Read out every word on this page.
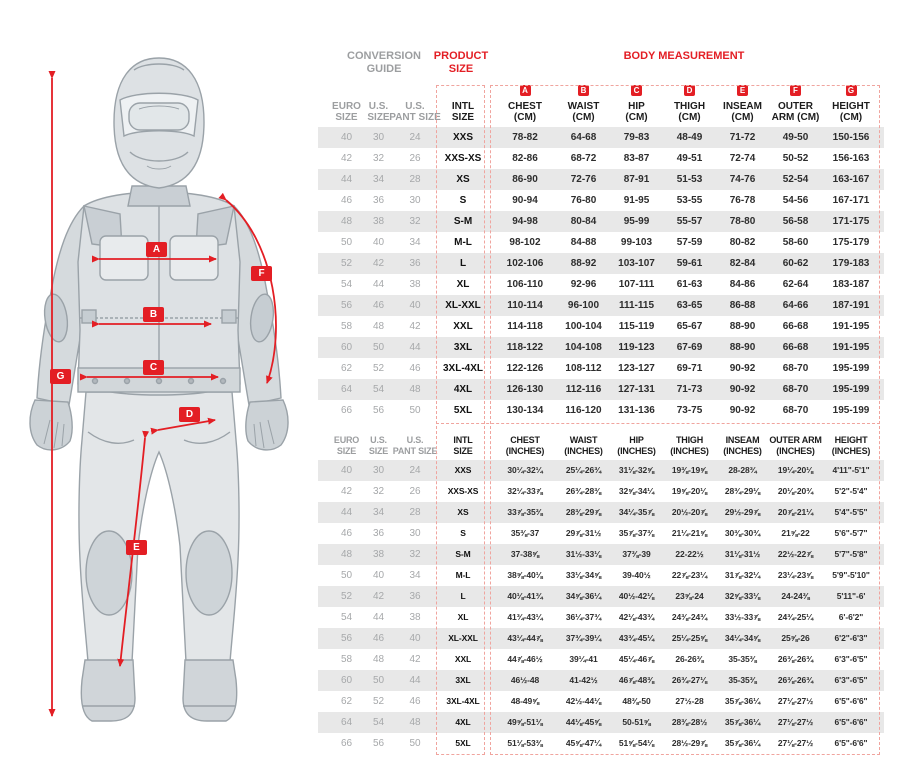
A
B
C
D
E
F
G
CONVERSION GUIDE
PRODUCT SIZE
BODY MEASUREMENT
EURO
SIZE
U.S.
SIZE
U.S.
PANT SIZE
INTL
SIZE
A
CHEST
(CM)
B
WAIST
(CM)
C
HIP
(CM)
D
THIGH
(CM)
E
INSEAM
(CM)
F
OUTER
ARM (CM)
G
HEIGHT
(CM)
40	30	24	XXS	78-82	64-68	79-83	48-49	71-72	49-50	150-156
42	32	26	XXS-XS	82-86	68-72	83-87	49-51	72-74	50-52	156-163
44	34	28	XS	86-90	72-76	87-91	51-53	74-76	52-54	163-167
46	36	30	S	90-94	76-80	91-95	53-55	76-78	54-56	167-171
48	38	32	S-M	94-98	80-84	95-99	55-57	78-80	56-58	171-175
50	40	34	M-L	98-102	84-88	99-103	57-59	80-82	58-60	175-179
52	42	36	L	102-106	88-92	103-107	59-61	82-84	60-62	179-183
54	44	38	XL	106-110	92-96	107-111	61-63	84-86	62-64	183-187
56	46	40	XL-XXL	110-114	96-100	111-115	63-65	86-88	64-66	187-191
58	48	42	XXL	114-118	100-104	115-119	65-67	88-90	66-68	191-195
60	50	44	3XL	118-122	104-108	119-123	67-69	88-90	66-68	191-195
62	52	46	3XL-4XL	122-126	108-112	123-127	69-71	90-92	68-70	195-199
64	54	48	4XL	126-130	112-116	127-131	71-73	90-92	68-70	195-199
66	56	50	5XL	130-134	116-120	131-136	73-75	90-92	68-70	195-199
EURO
SIZE
U.S.
SIZE
U.S.
PANT SIZE
INTL
SIZE
CHEST
(INCHES)
WAIST
(INCHES)
HIP
(INCHES)
THIGH
(INCHES)
INSEAM
(INCHES)
OUTER ARM
(INCHES)
HEIGHT
(INCHES)
40	30	24	XXS	30¼-32¼	25¼-26¾	31⅛-32⅝	19⅜-19⅝	28-28¾	19¼-20⅛	4'11"-5'1"
42	32	26	XXS-XS	32¼-33⅞	26¾-28⅜	32⅝-34¼	19⅝-20⅛	28¾-29⅛	20⅛-20¾	5'2"-5'4"
44	34	28	XS	33⅞-35⅜	28⅜-29⅞	34¼-35⅞	20½-20⅞	29½-29⅞	20⅞-21¼	5'4"-5'5"
46	36	30	S	35⅜-37	29⅞-31½	35⅞-37⅜	21¼-21⅝	30⅜-30¾	21⅝-22	5'6"-5'7"
48	38	32	S-M	37-38⅝	31½-33⅛	37⅜-39	22-22½	31⅛-31½	22½-22⅞	5'7"-5'8"
50	40	34	M-L	38⅝-40⅛	33⅛-34⅝	39-40½	22⅞-23¼	31⅞-32¼	23¼-23⅝	5'9"-5'10"
52	42	36	L	40⅛-41¾	34⅝-36¼	40½-42⅛	23⅝-24	32⅝-33⅛	24-24⅜	5'11"-6'
54	44	38	XL	41¾-43¼	36¼-37¾	42⅛-43¾	24⅜-24¾	33½-33⅞	24¾-25¼	6'-6'2"
56	46	40	XL-XXL	43¼-44⅞	37¾-39¼	43¾-45¼	25¼-25⅝	34¼-34⅝	25⅝-26	6'2"-6'3"
58	48	42	XXL	44⅞-46½	39¼-41	45¼-46⅞	26-26⅜	35-35⅜	26⅜-26¾	6'3"-6'5"
60	50	44	3XL	46½-48	41-42½	46⅞-48⅜	26¾-27⅛	35-35⅜	26⅜-26¾	6'3"-6'5"
62	52	46	3XL-4XL	48-49⅝	42½-44⅛	48⅜-50	27½-28	35⅞-36¼	27⅛-27½	6'5"-6'6"
64	54	48	4XL	49⅝-51⅛	44⅛-45⅝	50-51⅝	28⅜-28½	35⅞-36¼	27⅛-27½	6'5"-6'6"
66	56	50	5XL	51⅛-53⅜	45⅝-47¼	51⅝-54⅛	28½-29⅞	35⅞-36¼	27⅛-27½	6'5"-6'6"
